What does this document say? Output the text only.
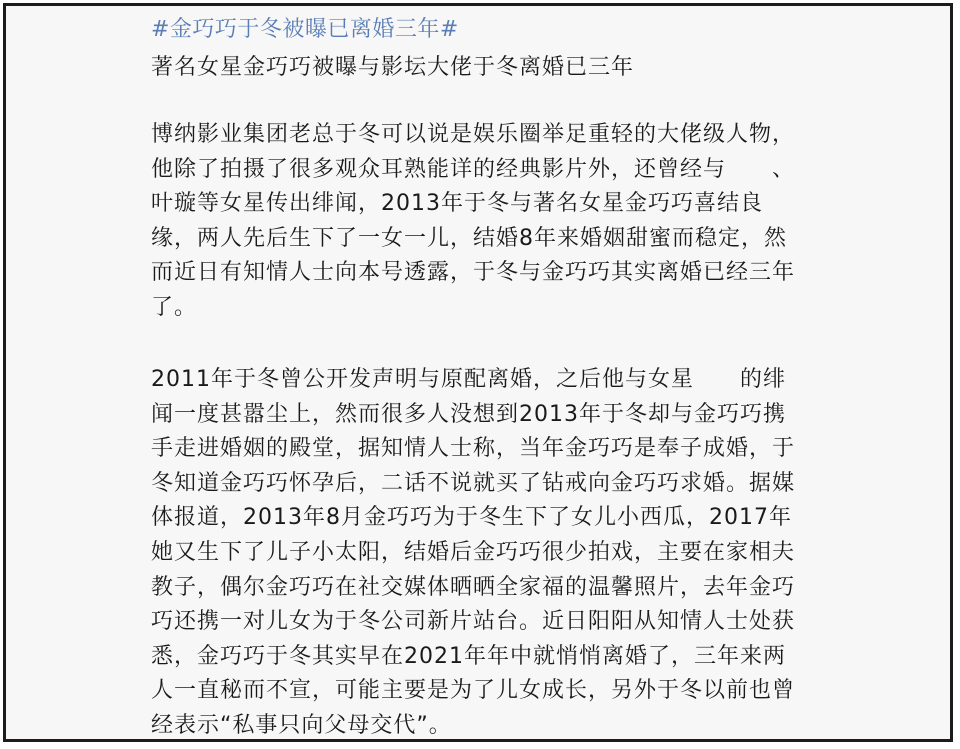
#金巧巧于冬被曝已离婚三年#
著名女星金巧巧被曝与影坛大佬于冬离婚已三年
博纳影业集团老总于冬可以说是娱乐圈举足重轻的大佬级人物，
他除了拍摄了很多观众耳熟能详的经典影片外，还曾经与　　、
叶璇等女星传出绯闻，2013年于冬与著名女星金巧巧喜结良
缘，两人先后生下了一女一儿，结婚8年来婚姻甜蜜而稳定，然
而近日有知情人士向本号透露，于冬与金巧巧其实离婚已经三年
了。
2011年于冬曾公开发声明与原配离婚，之后他与女星　　的绯
闻一度甚嚣尘上，然而很多人没想到2013年于冬却与金巧巧携
手走进婚姻的殿堂，据知情人士称，当年金巧巧是奉子成婚，于
冬知道金巧巧怀孕后，二话不说就买了钻戒向金巧巧求婚。据媒
体报道，2013年8月金巧巧为于冬生下了女儿小西瓜，2017年
她又生下了儿子小太阳，结婚后金巧巧很少拍戏，主要在家相夫
教子，偶尔金巧巧在社交媒体晒晒全家福的温馨照片，去年金巧
巧还携一对儿女为于冬公司新片站台。近日阳阳从知情人士处获
悉，金巧巧于冬其实早在2021年年中就悄悄离婚了，三年来两
人一直秘而不宣，可能主要是为了儿女成长，另外于冬以前也曾
经表示“私事只向父母交代”。
